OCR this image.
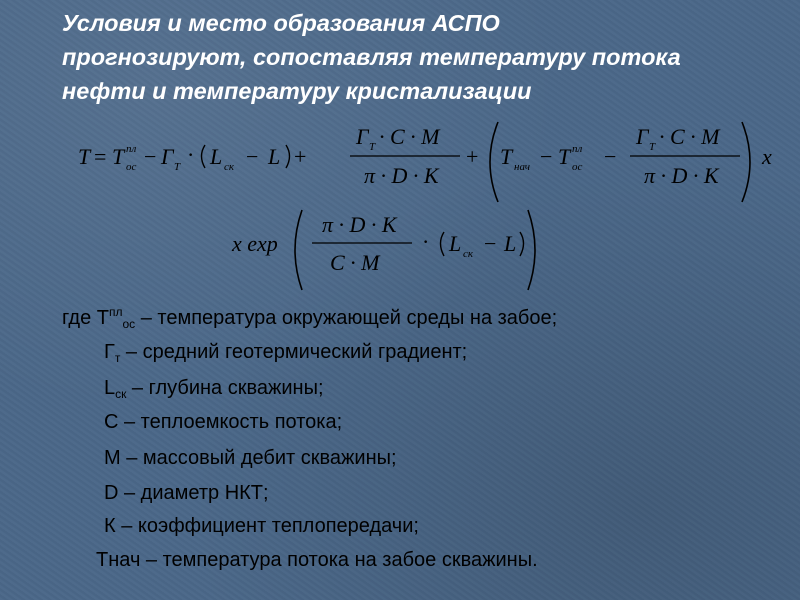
Условия и место образования АСПО
прогнозируют, сопоставляя температуру потока
нефти и температуру кристализации
T = T пл
ос − Г Т · L ск − L +
Г Т · C · M
π · D · K
+ T нач − T пл
ос −
Г Т · C · M
π · D · K
x
x exp
π · D · K
C · M
· L ск − L
где $T^{пл}_{ос}$ – температура окружающей среды на забое;
$Г_т$ – средний геотермический градиент;
$L_{ск}$ – глубина скважины;
C – теплоемкость потока;
M – массовый дебит скважины;
D – диаметр НКТ;
К – коэффициент теплопередачи;
Tнач – температура потока на забое скважины.
